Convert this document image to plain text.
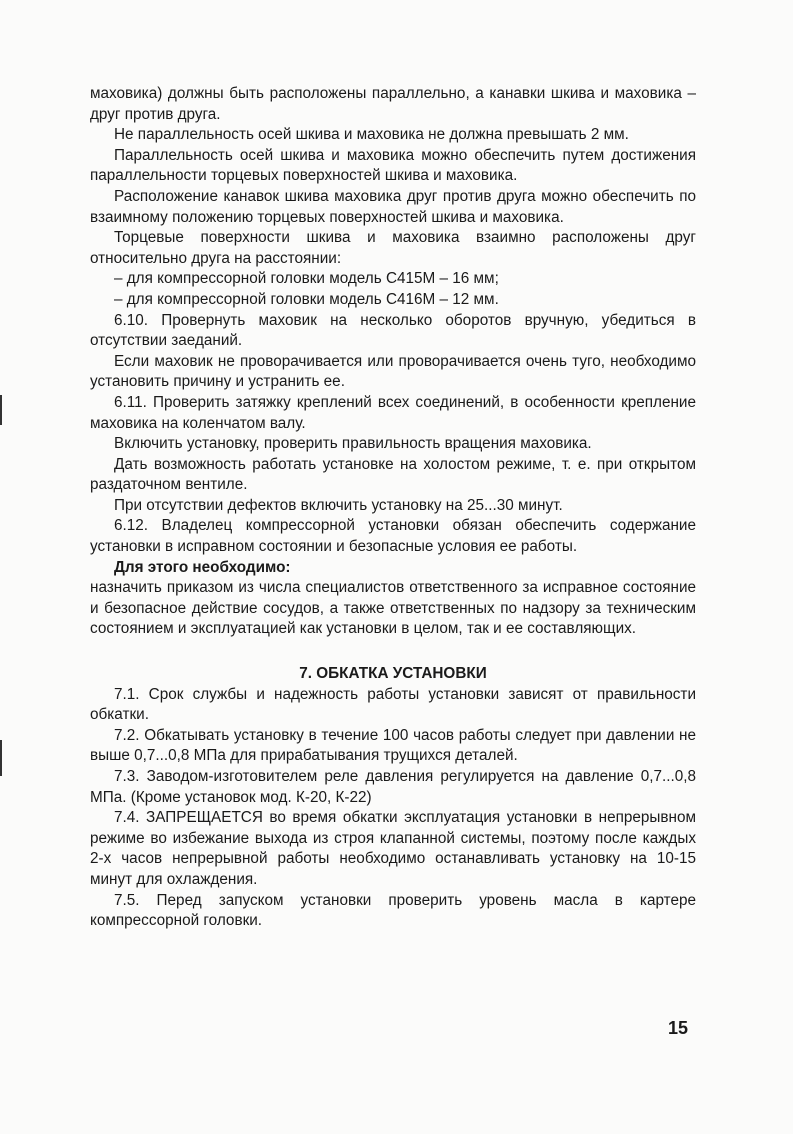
маховика) должны быть расположены параллельно, а канавки шкива и маховика – друг против друга.

Не параллельность осей шкива и маховика не должна превышать 2 мм.

Параллельность осей шкива и маховика можно обеспечить путем достижения параллельности торцевых поверхностей шкива и маховика.

Расположение канавок шкива маховика друг против друга можно обеспечить по взаимному положению торцевых поверхностей шкива и маховика.

Торцевые поверхности шкива и маховика взаимно расположены друг относительно друга на расстоянии:

– для компрессорной головки модель С415М – 16 мм;

– для компрессорной головки модель С416М – 12 мм.

6.10. Провернуть маховик на несколько оборотов вручную, убедиться в отсутствии заеданий.

Если маховик не проворачивается или проворачивается очень туго, необходимо установить причину и устранить ее.

6.11. Проверить затяжку креплений всех соединений, в особенности крепление маховика на коленчатом валу.

Включить установку, проверить правильность вращения маховика.

Дать возможность работать установке на холостом режиме, т. е. при открытом раздаточном вентиле.

При отсутствии дефектов включить установку на 25...30 минут.

6.12. Владелец компрессорной установки обязан обеспечить содержание установки в исправном состоянии и безопасные условия ее работы.

Для этого необходимо:

назначить приказом из числа специалистов ответственного за исправное состояние и безопасное действие сосудов, а также ответственных по надзору за техническим состоянием и эксплуатацией как установки в целом, так и ее составляющих.

7. ОБКАТКА УСТАНОВКИ

7.1. Срок службы и надежность работы установки зависят от правильности обкатки.

7.2. Обкатывать установку в течение 100 часов работы следует при давлении не выше 0,7...0,8 МПа для прирабатывания трущихся деталей.

7.3. Заводом-изготовителем реле давления регулируется на давление 0,7...0,8 МПа. (Кроме установок мод. К-20, К-22)

7.4. ЗАПРЕЩАЕТСЯ во время обкатки эксплуатация установки в непрерывном режиме во избежание выхода из строя клапанной системы, поэтому после каждых 2-х часов непрерывной работы необходимо останавливать установку на 10-15 минут для охлаждения.

7.5. Перед запуском установки проверить уровень масла в картере компрессорной головки.

15
